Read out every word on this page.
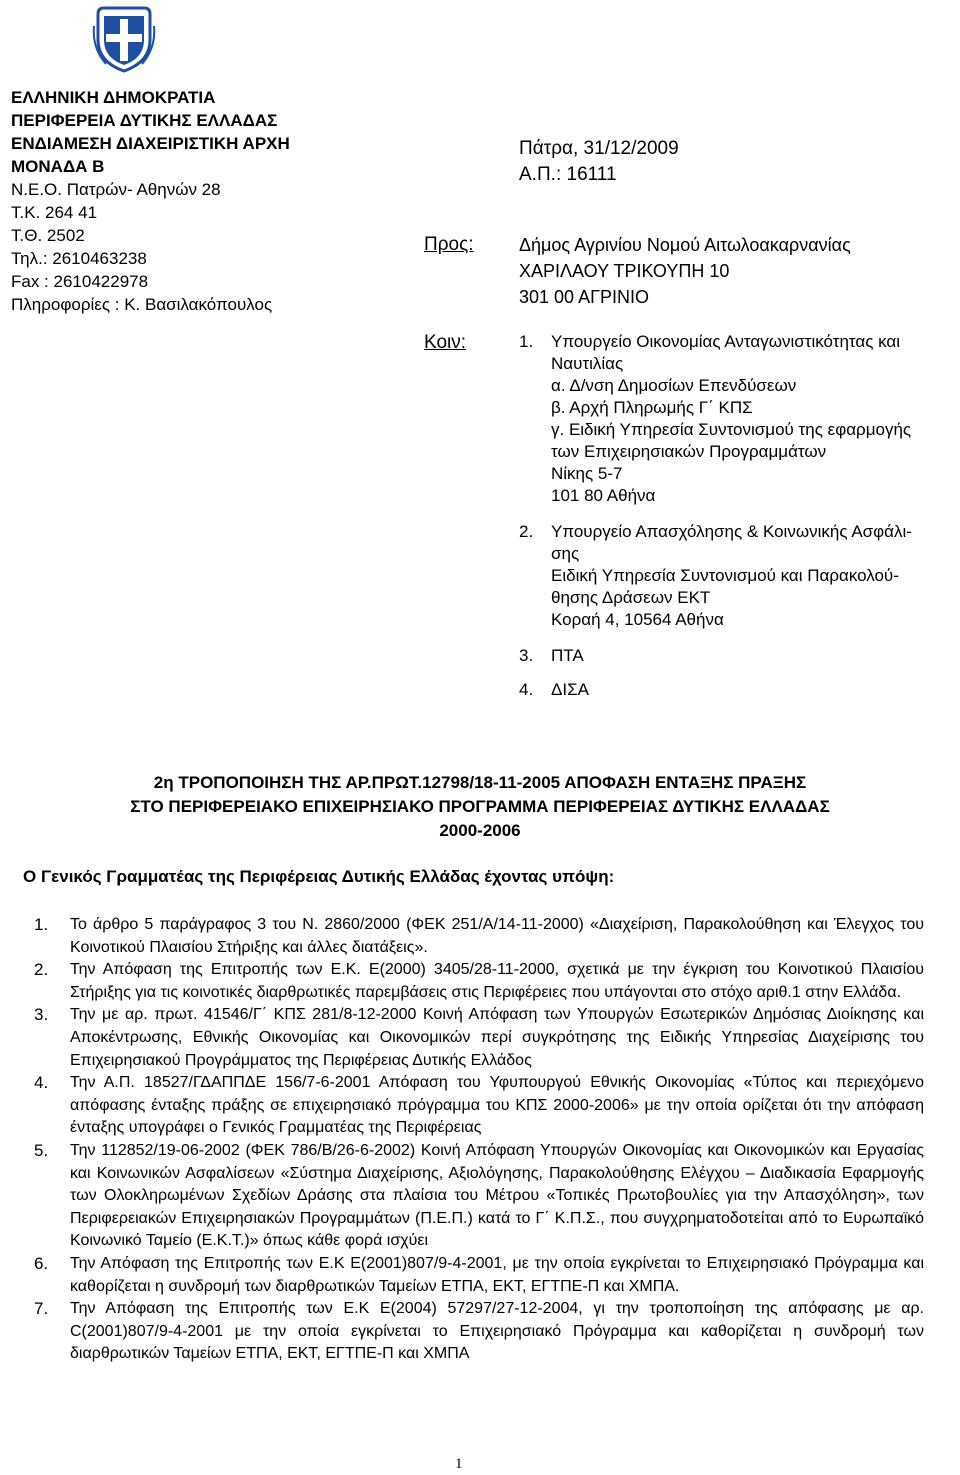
ΕΛΛΗΝΙΚΗ ΔΗΜΟΚΡΑΤΙΑ
ΠΕΡΙΦΕΡΕΙΑ ΔΥΤΙΚΗΣ ΕΛΛΑΔΑΣ
ΕΝΔΙΑΜΕΣΗ ΔΙΑΧΕΙΡΙΣΤΙΚΗ ΑΡΧΗ
ΜΟΝΑΔΑ Β
Ν.Ε.Ο. Πατρών- Αθηνών 28
Τ.Κ. 264 41
Τ.Θ. 2502
Τηλ.: 2610463238
Fax : 2610422978
Πληροφορίες : Κ. Βασιλακόπουλος
Πάτρα, 31/12/2009
Α.Π.: 16111
Προς:
Κοιν:
Δήμος Αγρινίου Νομού Αιτωλοακαρνανίας
ΧΑΡΙΛΑΟΥ ΤΡΙΚΟΥΠΗ 10
301 00 ΑΓΡΙΝΙΟ
1. Υπουργείο Οικονομίας Ανταγωνιστικότητας και
Ναυτιλίας
α. Δ/νση Δημοσίων Επενδύσεων
β. Αρχή Πληρωμής Γ΄ ΚΠΣ
γ. Ειδική Υπηρεσία Συντονισμού της εφαρμογής
των Επιχειρησιακών Προγραμμάτων
Νίκης 5-7
101 80 Αθήνα
2. Υπουργείο Απασχόλησης & Κοινωνικής Ασφάλι-
σης
Ειδική Υπηρεσία Συντονισμού και Παρακολού-
θησης Δράσεων ΕΚΤ
Κοραή 4, 10564 Αθήνα
3. ΠΤΑ
4. ΔΙΣΑ
2η ΤΡΟΠΟΠΟΙΗΣΗ ΤΗΣ ΑΡ.ΠΡΩΤ.12798/18-11-2005 ΑΠΟΦΑΣΗ ΕΝΤΑΞΗΣ ΠΡΑΞΗΣ
ΣΤΟ ΠΕΡΙΦΕΡΕΙΑΚΟ ΕΠΙΧΕΙΡΗΣΙΑΚΟ ΠΡΟΓΡΑΜΜΑ ΠΕΡΙΦΕΡΕΙΑΣ ΔΥΤΙΚΗΣ ΕΛΛΑΔΑΣ
2000-2006
Ο Γενικός Γραμματέας της Περιφέρειας Δυτικής Ελλάδας έχοντας υπόψη:
1. Το άρθρο 5 παράγραφος 3 του Ν. 2860/2000 (ΦΕΚ 251/Α/14-11-2000) «Διαχείριση, Παρακολούθηση και Έλεγχος του Κοινοτικού Πλαισίου Στήριξης και άλλες διατάξεις».
2. Την Απόφαση της Επιτροπής των Ε.Κ. Ε(2000) 3405/28-11-2000, σχετικά με την έγκριση του Κοινοτικού Πλαισίου Στήριξης για τις κοινοτικές διαρθρωτικές παρεμβάσεις στις Περιφέρειες που υπάγονται στο στόχο αριθ.1 στην Ελλάδα.
3. Την με αρ. πρωτ. 41546/Γ΄ ΚΠΣ 281/8-12-2000 Κοινή Απόφαση των Υπουργών Εσωτερικών Δημόσιας Διοίκησης και Αποκέντρωσης, Εθνικής Οικονομίας και Οικονομικών περί συγκρότησης της Ειδικής Υπηρεσίας Διαχείρισης του Επιχειρησιακού Προγράμματος της Περιφέρειας Δυτικής Ελλάδος
4. Την Α.Π. 18527/ΓΔΑΠΠΔΕ 156/7-6-2001 Απόφαση του Υφυπουργού Εθνικής Οικονομίας «Τύπος και περιεχόμενο απόφασης ένταξης πράξης σε επιχειρησιακό πρόγραμμα του ΚΠΣ 2000-2006» με την οποία ορίζεται ότι την απόφαση ένταξης υπογράφει ο Γενικός Γραμματέας της Περιφέρειας
5. Την 112852/19-06-2002 (ΦΕΚ 786/Β/26-6-2002) Κοινή Απόφαση Υπουργών Οικονομίας και Οικονομικών και Εργασίας και Κοινωνικών Ασφαλίσεων «Σύστημα Διαχείρισης, Αξιολόγησης, Παρακολούθησης Ελέγχου – Διαδικασία Εφαρμογής των Ολοκληρωμένων Σχεδίων Δράσης στα πλαίσια του Μέτρου «Τοπικές Πρωτοβουλίες για την Απασχόληση», των Περιφερειακών Επιχειρησιακών Προγραμμάτων (Π.Ε.Π.) κατά το Γ΄ Κ.Π.Σ., που συγχρηματοδοτείται από το Ευρωπαϊκό Κοινωνικό Ταμείο (Ε.Κ.Τ.)» όπως κάθε φορά ισχύει
6. Την Απόφαση της Επιτροπής των Ε.Κ Ε(2001)807/9-4-2001, με την οποία εγκρίνεται το Επιχειρησιακό Πρόγραμμα και καθορίζεται η συνδρομή των διαρθρωτικών Ταμείων ΕΤΠΑ, ΕΚΤ, ΕΓΤΠΕ-Π και ΧΜΠΑ.
7. Την Απόφαση της Επιτροπής των Ε.Κ Ε(2004) 57297/27-12-2004, γι την τροποποίηση της απόφασης με αρ. C(2001)807/9-4-2001 με την οποία εγκρίνεται το Επιχειρησιακό Πρόγραμμα και καθορίζεται η συνδρομή των διαρθρωτικών Ταμείων ΕΤΠΑ, ΕΚΤ, ΕΓΤΠΕ-Π και ΧΜΠΑ
1
